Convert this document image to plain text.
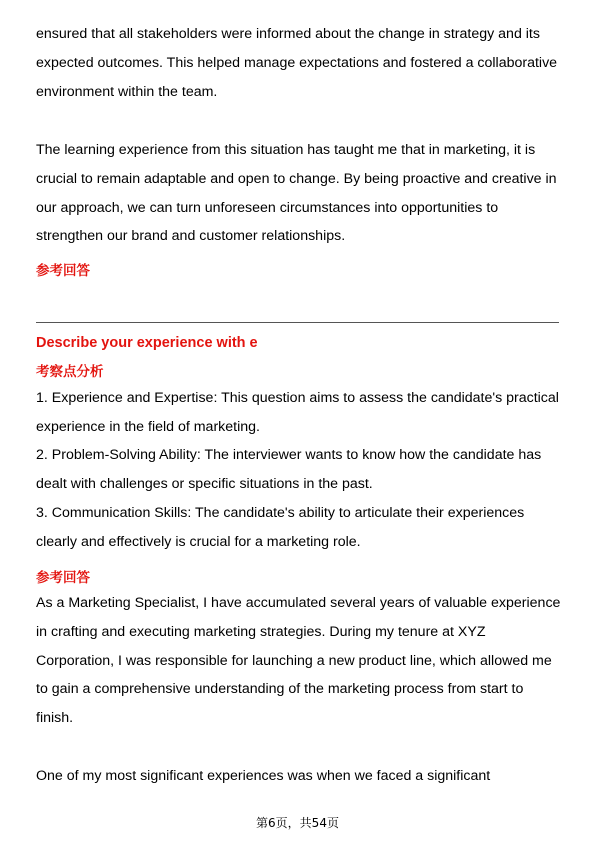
ensured that all stakeholders were informed about the change in strategy and its expected outcomes. This helped manage expectations and fostered a collaborative environment within the team.

The learning experience from this situation has taught me that in marketing, it is crucial to remain adaptable and open to change. By being proactive and creative in our approach, we can turn unforeseen circumstances into opportunities to strengthen our brand and customer relationships.

参考回答

Describe your experience with e

考察点分析

1. Experience and Expertise: This question aims to assess the candidate's practical experience in the field of marketing.

2. Problem-Solving Ability: The interviewer wants to know how the candidate has dealt with challenges or specific situations in the past.

3. Communication Skills: The candidate's ability to articulate their experiences clearly and effectively is crucial for a marketing role.

参考回答

As a Marketing Specialist, I have accumulated several years of valuable experience in crafting and executing marketing strategies. During my tenure at XYZ Corporation, I was responsible for launching a new product line, which allowed me to gain a comprehensive understanding of the marketing process from start to finish.

One of my most significant experiences was when we faced a significant

第6页，共54页
